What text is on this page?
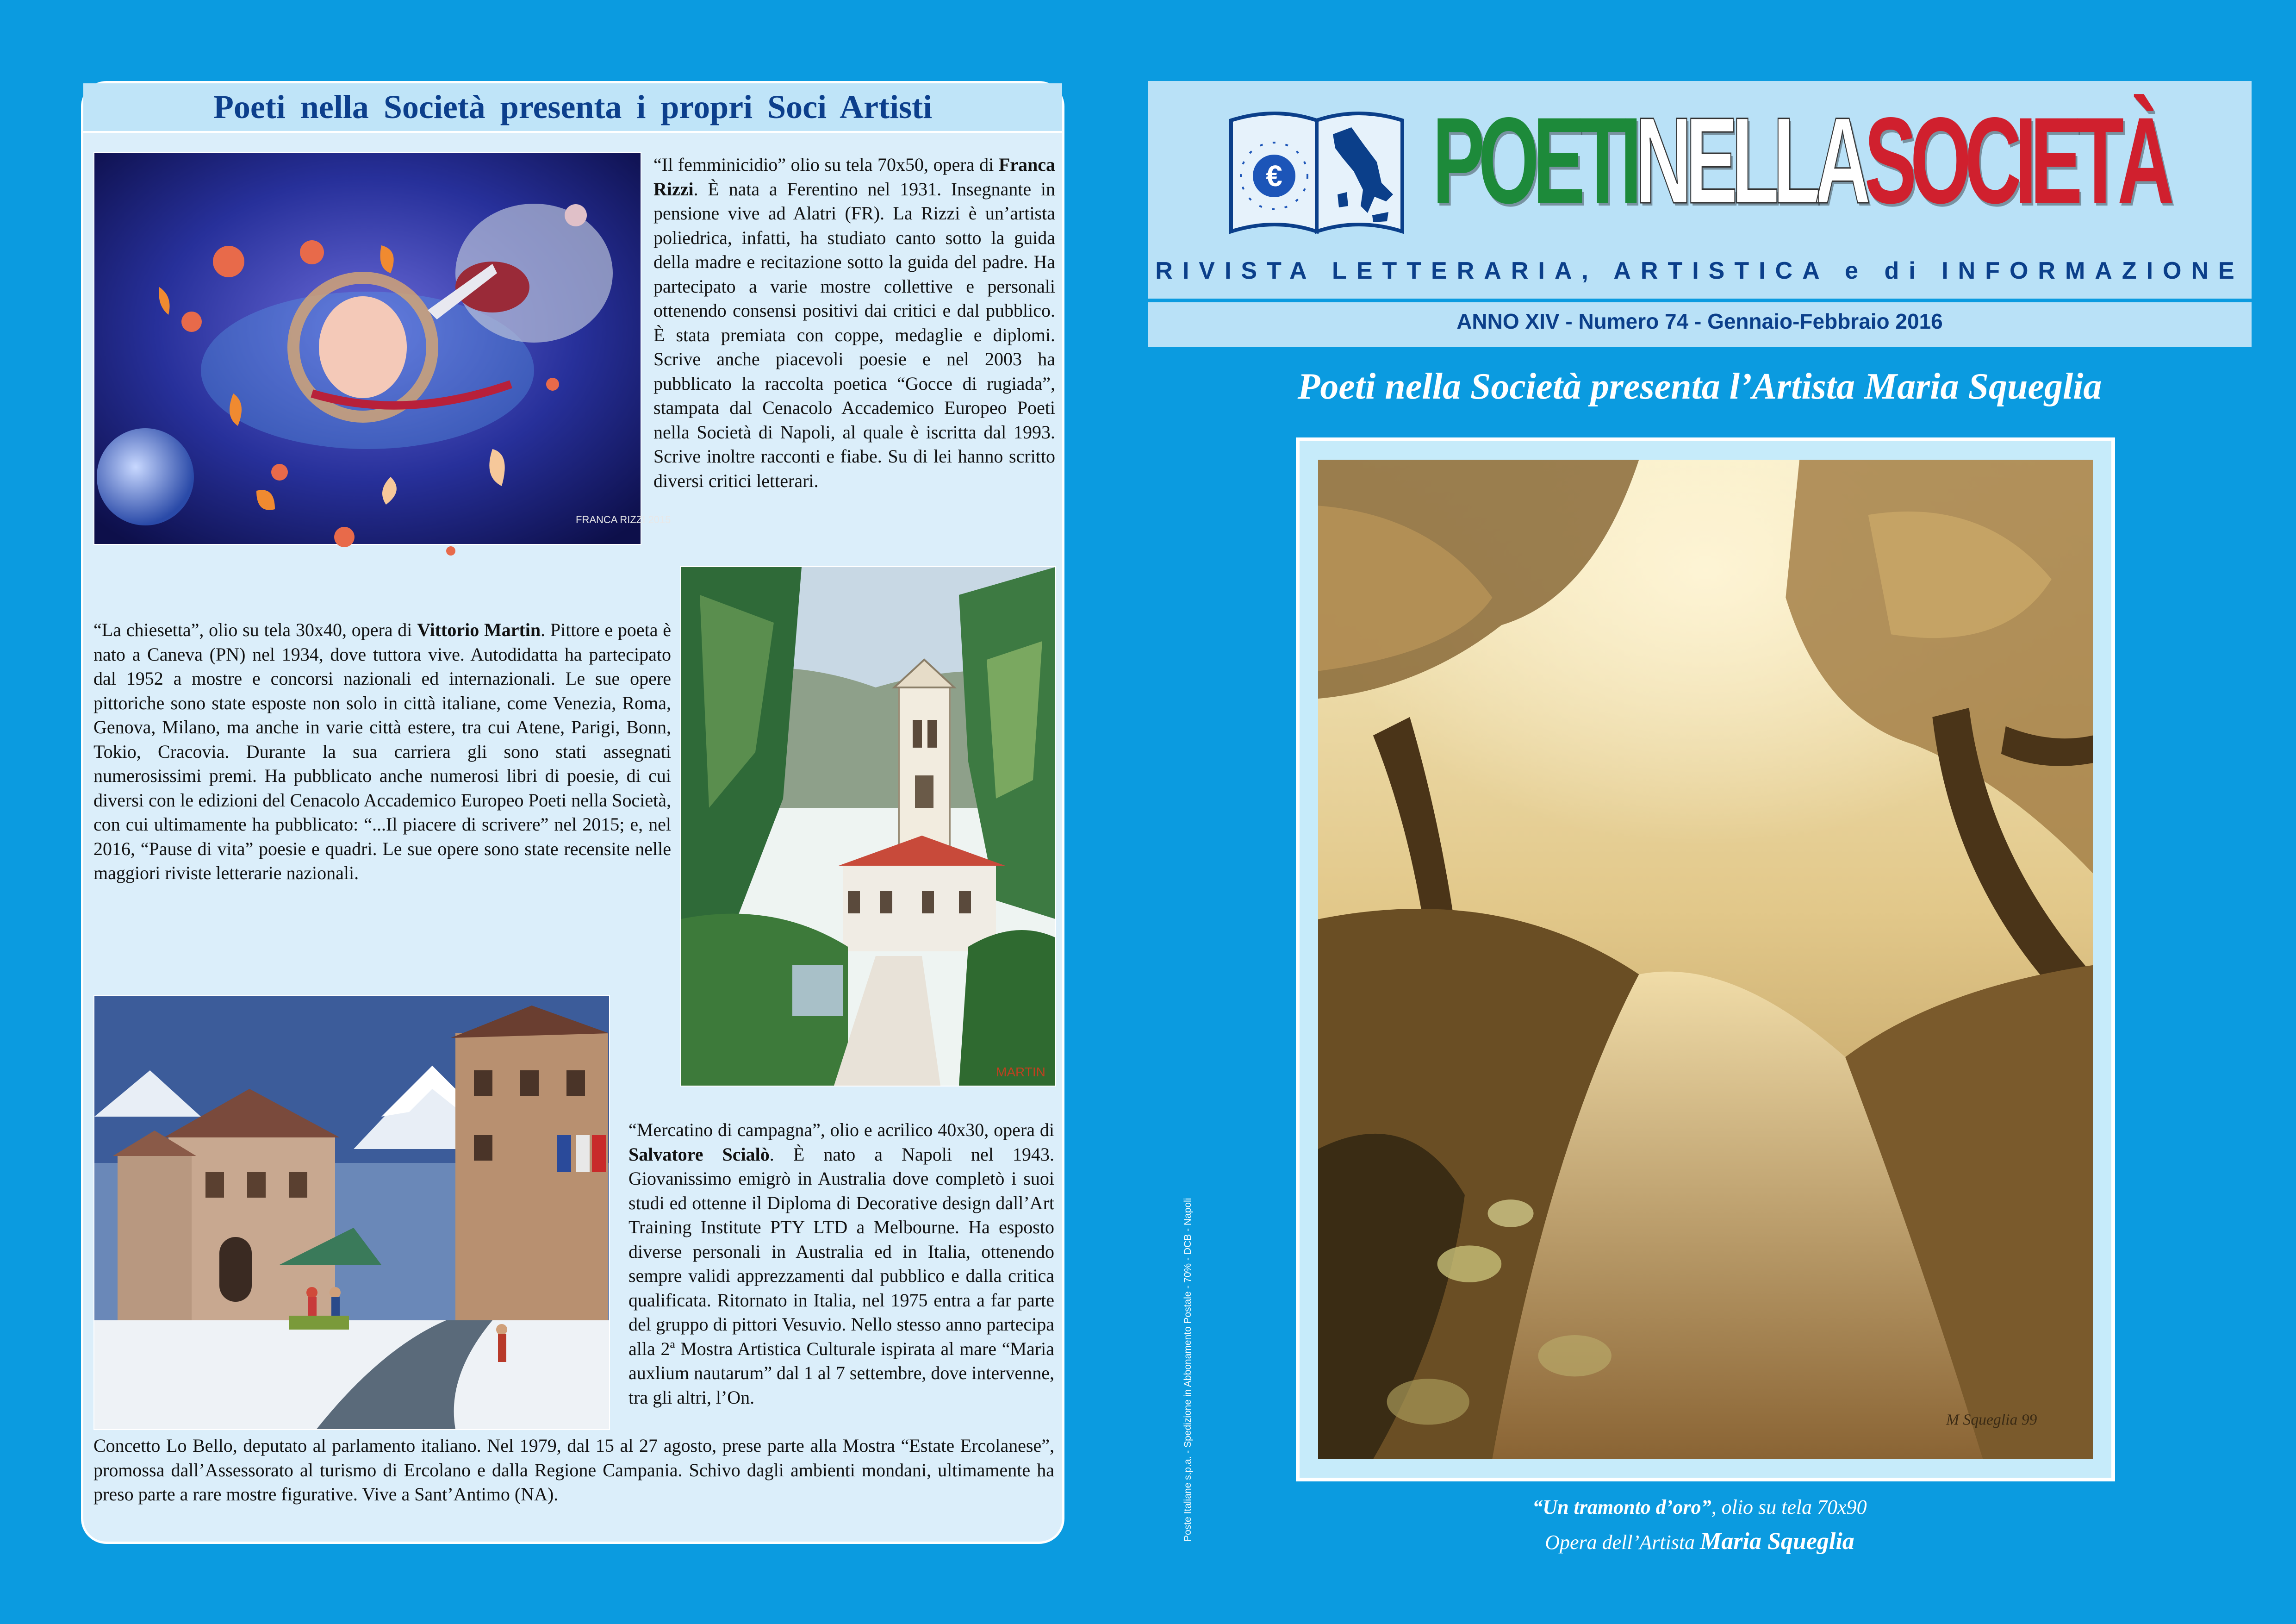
Poeti nella Società presenta i propri Soci Artisti
FRANCA RIZZI 2015

“Il femminicidio” olio su tela 70x50, opera di Franca Rizzi. È nata a Ferentino nel 1931. Insegnante in pensione vive ad Alatri (FR). La Rizzi è un’artista poliedrica, infatti, ha studiato canto sotto la guida della madre e recitazione sotto la guida del padre. Ha partecipato a varie mostre collettive e personali ottenendo consensi positivi dai critici e dal pubblico. È stata premiata con coppe, medaglie e diplomi. Scrive anche piacevoli poesie e nel 2003 ha pubblicato la raccolta poetica “Gocce di rugiada”, stampata dal Cenacolo Accademico Europeo Poeti nella Società di Napoli, al quale è iscritta dal 1993. Scrive inoltre racconti e fiabe. Su di lei hanno scritto diversi critici letterari.

MARTIN

“La chiesetta”, olio su tela 30x40, opera di Vittorio Martin. Pittore e poeta è nato a Caneva (PN) nel 1934, dove tuttora vive. Autodidatta ha partecipato dal 1952 a mostre e concorsi nazionali ed internazionali. Le sue opere pittoriche sono state esposte non solo in città italiane, come Venezia, Roma, Genova, Milano, ma anche in varie città estere, tra cui Atene, Parigi, Bonn, Tokio, Cracovia. Durante la sua carriera gli sono stati assegnati numerosissimi premi. Ha pubblicato anche numerosi libri di poesie, di cui diversi con le edizioni del Cenacolo Accademico Europeo Poeti nella Società, con cui ultimamente ha pubblicato: “...Il piacere di scrivere” nel 2015; e, nel 2016, “Pause di vita” poesie e quadri. Le sue opere sono state recensite nelle maggiori riviste letterarie nazionali.

“Mercatino di campagna”, olio e acrilico 40x30, opera di Salvatore Scialò. È nato a Napoli nel 1943. Giovanissimo emigrò in Australia dove completò i suoi studi ed ottenne il Diploma di Decorative design dall’Art Training Institute PTY LTD a Melbourne. Ha esposto diverse personali in Australia ed in Italia, ottenendo sempre validi apprezzamenti dal pubblico e dalla critica qualificata. Ritornato in Italia, nel 1975 entra a far parte del gruppo di pittori Vesuvio. Nello stesso anno partecipa alla 2ª Mostra Artistica Culturale ispirata al mare “Maria auxlium nautarum” dal 1 al 7 settembre, dove intervenne, tra gli altri, l’On.

Concetto Lo Bello, deputato al parlamento italiano. Nel 1979, dal 15 al 27 agosto, prese parte alla Mostra “Estate Ercolanese”, promossa dall’Assessorato al turismo di Ercolano e dalla Regione Campania. Schivo dagli ambienti mondani, ultimamente ha preso parte a rare mostre figurative. Vive a Sant’Antimo (NA).

€ POETINELLASOCIETÀ
RIVISTA LETTERARIA, ARTISTICA e di INFORMAZIONE
ANNO XIV - Numero 74 - Gennaio-Febbraio 2016
Poeti nella Società presenta l’Artista Maria Squeglia
M Squeglia 99
“Un tramonto d’oro”, olio su tela 70x90
Opera dell’Artista Maria Squeglia
Poste Italiane s.p.a. - Spedizione in Abbonamento Postale - 70% - DCB - Napoli
